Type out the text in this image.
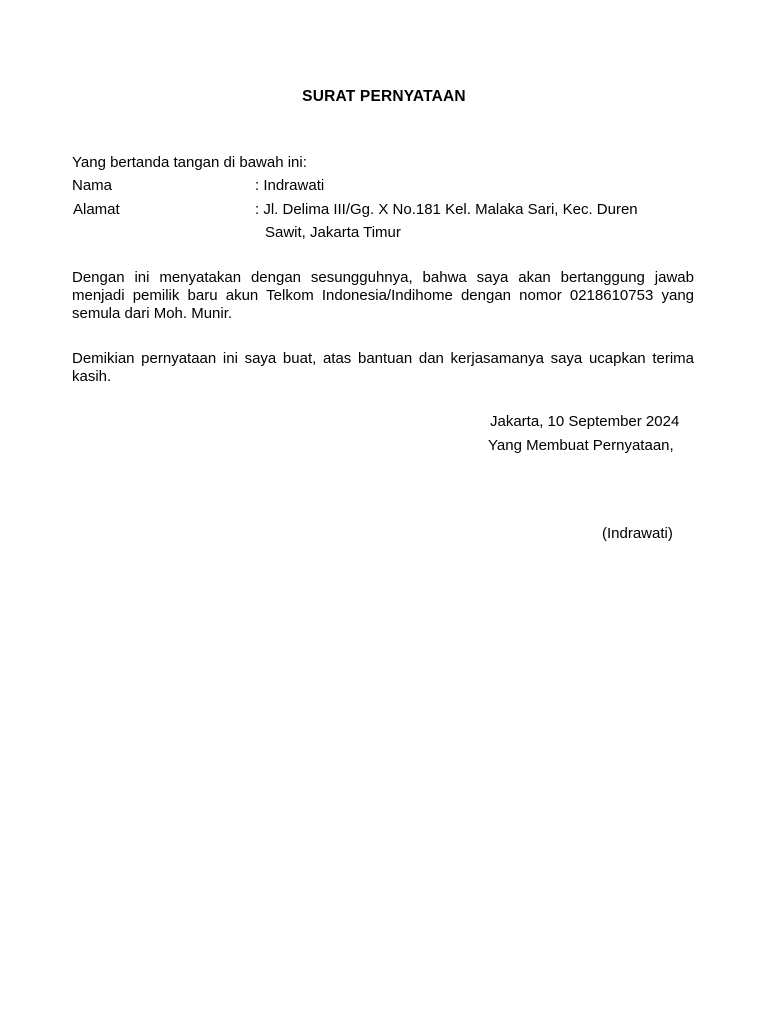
SURAT PERNYATAAN
Yang bertanda tangan di bawah ini:
Nama	: Indrawati
Alamat	: Jl. Delima III/Gg. X No.181 Kel. Malaka Sari, Kec. Duren
Sawit, Jakarta Timur
Dengan ini menyatakan dengan sesungguhnya, bahwa saya akan bertanggung jawab menjadi pemilik baru akun Telkom Indonesia/Indihome dengan nomor 0218610753 yang semula dari Moh. Munir.
Demikian pernyataan ini saya buat, atas bantuan dan kerjasamanya saya ucapkan terima kasih.
Jakarta, 10 September 2024
Yang Membuat Pernyataan,
(Indrawati)
